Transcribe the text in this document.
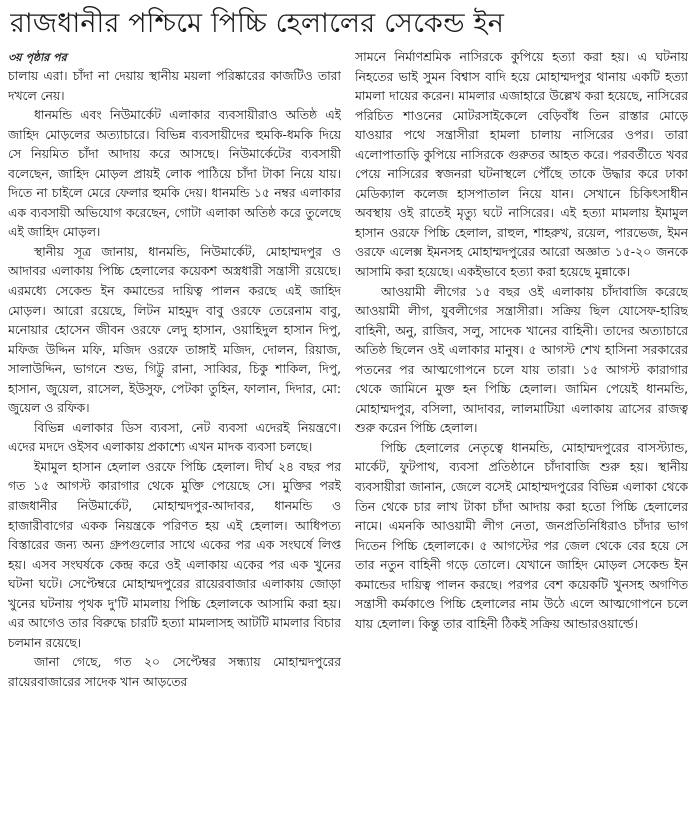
রাজধানীর পশ্চিমে পিচ্চি হেলালের সেকেন্ড ইন

৩য় পৃষ্ঠার পর

চালায় এরা। চাঁদা না দেয়ায় স্থানীয় ময়লা পরিষ্কারের কাজটিও তারা দখলে নেয়।

ধানমন্ডি এবং নিউমার্কেট এলাকার ব্যবসায়ীরাও অতিষ্ঠ এই জাহিদ মোড়লের অত্যাচারে। বিভিন্ন ব্যবসায়ীদের হুমকি-ধমকি দিয়ে সে নিয়মিত চাঁদা আদায় করে আসছে। নিউমার্কেটের ব্যবসায়ী বলেছেন, জাহিদ মোড়ল প্রায়ই লোক পাঠিয়ে চাঁদা টাকা নিয়ে যায়। দিতে না চাইলে মেরে ফেলার হুমকি দেয়। ধানমন্ডি ১৫ নম্বর এলাকার এক ব্যবসায়ী অভিযোগ করেছেন, গোটা এলাকা অতিষ্ঠ করে তুলেছে এই জাহিদ মোড়ল।

স্থানীয় সূত্র জানায়, ধানমন্ডি, নিউমার্কেট, মোহাম্মদপুর ও আদাবর এলাকায় পিচ্চি হেলালের কয়েকশ অস্ত্রধারী সন্ত্রাসী রয়েছে। এরমধ্যে সেকেন্ড ইন কমান্ডের দায়িত্ব পালন করছে এই জাহিদ মোড়ল। আরো রয়েছে, লিটন মাহমুদ বাবু ওরফে তেরেনাম বাবু, মনোয়ার হোসেন জীবন ওরফে লেদু হাসান, ওয়াহিদুল হাসান দিপু, মফিজ উদ্দিন মফি, মজিদ ওরফে তাঙ্গাই মজিদ, দোলন, রিয়াজ, সালাউদ্দিন, ভাগনে শুভ, গিট্টু রানা, সাব্বির, চিকু শাকিল, দিপু, হাসান, জুয়েল, রাসেল, ইউসুফ, পেটকা তুহিন, ফালান, দিদার, মো: জুয়েল ও রফিক।

বিভিন্ন এলাকার ডিস ব্যবসা, নেট ব্যবসা এদেরই নিয়ন্ত্রণে। এদের মদদে ওইসব এলাকায় প্রকাশ্যে এখন মাদক ব্যবসা চলছে।

ইমামুল হাসান হেলাল ওরফে পিচ্চি হেলাল। দীর্ঘ ২৪ বছর পর গত ১৫ আগস্ট কারাগার থেকে মুক্তি পেয়েছে সে। মুক্তির পরই রাজধানীর নিউমার্কেট, মোহাম্মদপুর-আদাবর, ধানমন্ডি ও হাজারীবাগের একক নিয়ন্ত্রকে পরিণত হয় এই হেলাল। আধিপত্য বিস্তারের জন্য অন্য গ্রুপগুলোর সাথে একের পর এক সংঘর্ষে লিপ্ত হয়। এসব সংঘর্ষকে কেন্দ্র করে ওই এলাকায় একের পর এক খুনের ঘটনা ঘটে। সেপ্টেম্বরে মোহাম্মদপুরের রায়েরবাজার এলাকায় জোড়া খুনের ঘটনায় পৃথক দু'টি মামলায় পিচ্চি হেলালকে আসামি করা হয়। এর আগেও তার বিরুদ্ধে চারটি হত্যা মামলাসহ আটটি মামলার বিচার চলমান রয়েছে।

জানা গেছে, গত ২০ সেপ্টেম্বর সন্ধ্যায় মোহাম্মদপুরের রায়েরবাজারের সাদেক খান আড়তের

সামনে নির্মাণশ্রমিক নাসিরকে কুপিয়ে হত্যা করা হয়। এ ঘটনায় নিহতের ভাই সুমন বিশ্বাস বাদি হয়ে মোহাম্মদপুর থানায় একটি হত্যা মামলা দায়ের করেন। মামলার এজাহারে উল্লেখ করা হয়েছে, নাসিরের পরিচিত শাওনের মোটরসাইকেলে বেড়িবাঁধ তিন রাস্তার মোড়ে যাওয়ার পথে সন্ত্রাসীরা হামলা চালায় নাসিরের ওপর। তারা এলোপাতাড়ি কুপিয়ে নাসিরকে গুরুতর আহত করে। পরবর্তীতে খবর পেয়ে নাসিরের স্বজনরা ঘটনাস্থলে পৌঁছে তাকে উদ্ধার করে ঢাকা মেডিক্যাল কলেজ হাসপাতাল নিয়ে যান। সেখানে চিকিৎসাধীন অবস্থায় ওই রাতেই মৃত্যু ঘটে নাসিরের। এই হত্যা মামলায় ইমামুল হাসান ওরফে পিচ্চি হেলাল, রাহুল, শাহরুখ, রয়েল, পারভেজ, ইমন ওরফে এলেক্স ইমনসহ মোহাম্মদপুরের আরো অজ্ঞাত ১৫-২০ জনকে আসামি করা হয়েছে। একইভাবে হত্যা করা হয়েছে মুন্নাকে।

আওয়ামী লীগের ১৫ বছর ওই এলাকায় চাঁদাবাজি করেছে আওয়ামী লীগ, যুবলীগের সন্ত্রাসীরা। সক্রিয় ছিল যোসেফ-হারিছ বাহিনী, অনু, রাজিব, সলু, সাদেক খানের বাহিনী। তাদের অত্যাচারে অতিষ্ঠ ছিলেন ওই এলাকার মানুষ। ৫ আগস্ট শেখ হাসিনা সরকারের পতনের পর আত্মগোপনে চলে যায় তারা। ১৫ আগস্ট কারাগার থেকে জামিনে মুক্ত হন পিচ্চি হেলাল। জামিন পেয়েই ধানমন্ডি, মোহাম্মদপুর, বসিলা, আদাবর, লালমাটিয়া এলাকায় ত্রাসের রাজত্ব শুরু করেন পিচ্চি হেলাল।

পিচ্চি হেলালের নেতৃত্বে ধানমন্ডি, মোহাম্মদপুরের বাসস্ট্যান্ড, মার্কেট, ফুটপাথ, ব্যবসা প্রতিষ্ঠানে চাঁদাবাজি শুরু হয়। স্থানীয় ব্যবসায়ীরা জানান, জেলে বসেই মোহাম্মদপুরের বিভিন্ন এলাকা থেকে তিন থেকে চার লাখ টাকা চাঁদা আদায় করা হতো পিচ্চি হেলালের নামে। এমনকি আওয়ামী লীগ নেতা, জনপ্রতিনিধিরাও চাঁদার ভাগ দিতেন পিচ্চি হেলালকে। ৫ আগস্টের পর জেল থেকে বের হয়ে সে তার নতুন বাহিনী গড়ে তোলে। যেখানে জাহিদ মোড়ল সেকেন্ড ইন কমান্ডের দায়িত্ব পালন করছে। পরপর বেশ কয়েকটি খুনসহ অগণিত সন্ত্রাসী কর্মকাণ্ডে পিচ্চি হেলালের নাম উঠে এলে আত্মগোপনে চলে যায় হেলাল। কিন্তু তার বাহিনী ঠিকই সক্রিয় আন্ডারওয়ার্ল্ডে।
